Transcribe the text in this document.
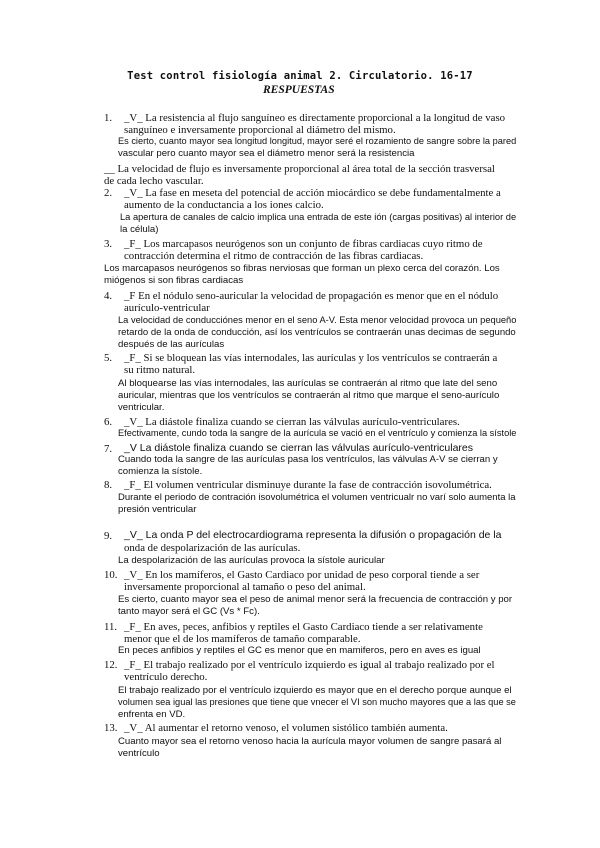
Test control fisiología animal 2. Circulatorio. 16-17
RESPUESTAS
1. _V_ La resistencia al flujo sanguíneo es directamente proporcional a la longitud de vaso
sanguíneo e inversamente proporcional al diámetro del mismo.
Es cierto, cuanto mayor sea longitud longitud, mayor seré el rozamiento de sangre sobre la pared
vascular pero cuanto mayor sea el diámetro menor será la resistencia
__ La velocidad de flujo es inversamente proporcional al área total de la sección trasversal
de cada lecho vascular.
2. _V_ La fase en meseta del potencial de acción miocárdico se debe fundamentalmente a
aumento de la conductancia a los iones calcio.
La apertura de canales de calcio implica una entrada de este ión (cargas positivas) al interior de
la célula)
3. _F_ Los marcapasos neurógenos son un conjunto de fibras cardiacas cuyo ritmo de
contracción determina el ritmo de contracción de las fibras cardiacas.
Los marcapasos neurógenos so fibras nerviosas que forman un plexo cerca del corazón. Los
miógenos si son fibras cardiacas
4. _F En el nódulo seno-auricular la velocidad de propagación es menor que en el nódulo
aurículo-ventricular
La velocidad de conducciónes menor en el seno A-V. Esta menor velocidad provoca un pequeño
retardo de la onda de conducción, así los ventrículos se contraerán unas decimas de segundo
después de las aurículas
5. _F_ Si se bloquean las vías internodales, las aurículas y los ventrículos se contraerán a
su ritmo natural.
Al bloquearse las vías internodales, las aurículas se contraerán al ritmo que late del seno
auricular, mientras que los ventrículos se contraerán al ritmo que marque el seno-aurículo
ventricular.
6. _V_ La diástole finaliza cuando se cierran las válvulas aurículo-ventriculares.
Efectivamente, cundo toda la sangre de la aurícula se vació en el ventrículo y comienza la sístole
7. _V La diástole finaliza cuando se cierran las válvulas aurículo-ventriculares
Cuando toda la sangre de las aurículas pasa los ventrículos, las válvulas A-V se cierran y
comienza la sístole.
8. _F_ El volumen ventricular disminuye durante la fase de contracción isovolumétrica.
Durante el periodo de contración isovolumétrica el volumen ventricualr no varí solo aumenta la
presión ventricular
9. _V_ La onda P del electrocardiograma representa la difusión o propagación de la
onda de despolarización de las aurículas.
La despolarización de las aurículas provoca la sístole auricular
10. _V_ En los mamíferos, el Gasto Cardiaco por unidad de peso corporal tiende a ser
inversamente proporcional al tamaño o peso del animal.
Es cierto, cuanto mayor sea el peso de animal menor será la frecuencia de contracción y por
tanto mayor será el GC (Vs * Fc).
11. _F_ En aves, peces, anfibios y reptiles el Gasto Cardiaco tiende a ser relativamente
menor que el de los mamíferos de tamaño comparable.
En peces anfibios y reptiles el GC es menor que en mamiferos, pero en aves es igual
12. _F_ El trabajo realizado por el ventrículo izquierdo es igual al trabajo realizado por el
ventrículo derecho.
El trabajo realizado por el ventrículo izquierdo es mayor que en el derecho porque aunque el
volumen sea igual las presiones que tiene que vnecer el VI son mucho mayores que a las que se
enfrenta en VD.
13. _V_ Al aumentar el retorno venoso, el volumen sistólico también aumenta.
Cuanto mayor sea el retorno venoso hacia la aurícula mayor volumen de sangre pasará al
ventrículo
